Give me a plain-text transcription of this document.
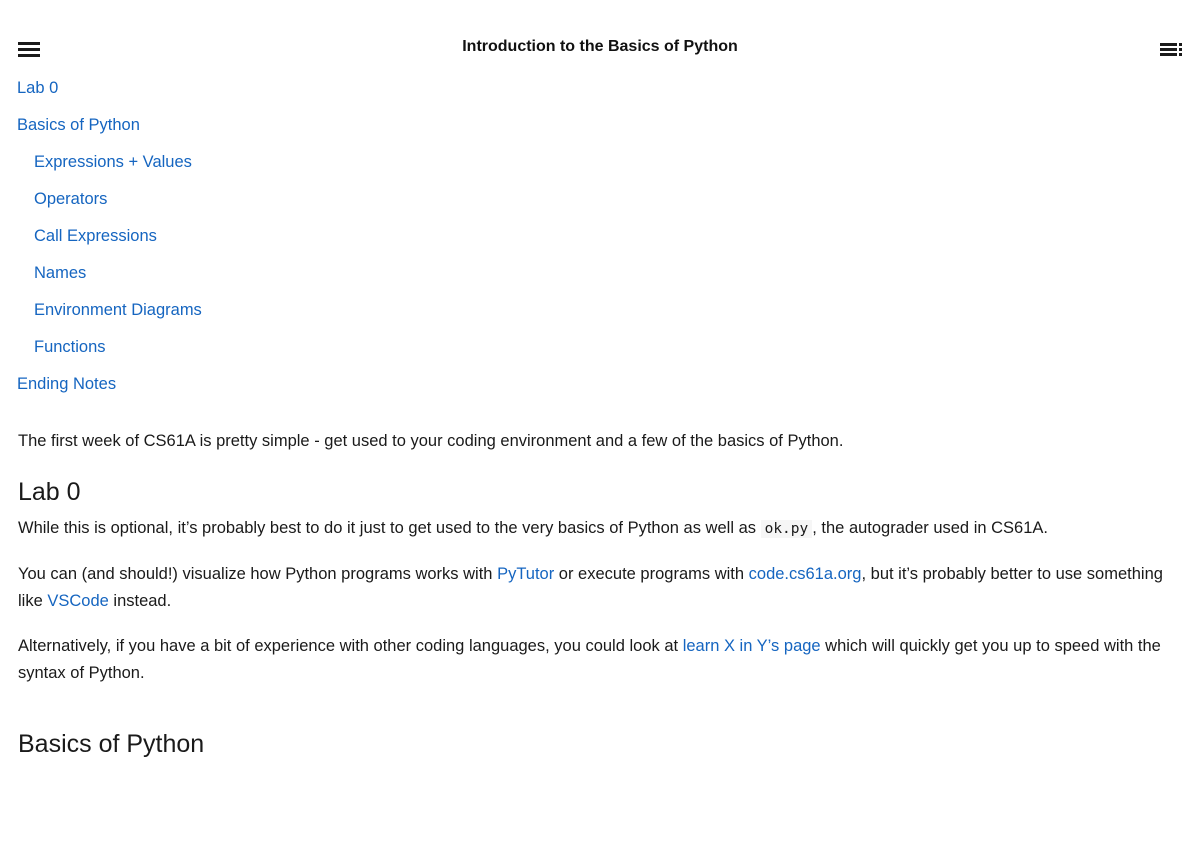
Introduction to the Basics of Python
Lab 0
Basics of Python
Expressions + Values
Operators
Call Expressions
Names
Environment Diagrams
Functions
Ending Notes

The first week of CS61A is pretty simple - get used to your coding environment and a few of the basics of Python.

Lab 0

While this is optional, it’s probably best to do it just to get used to the very basics of Python as well as ok.py , the autograder used in CS61A.

You can (and should!) visualize how Python programs works with PyTutor or execute programs with code.cs61a.org, but it’s probably better to use something like VSCode instead.

Alternatively, if you have a bit of experience with other coding languages, you could look at learn X in Y’s page which will quickly get you up to speed with the syntax of Python.

Basics of Python
